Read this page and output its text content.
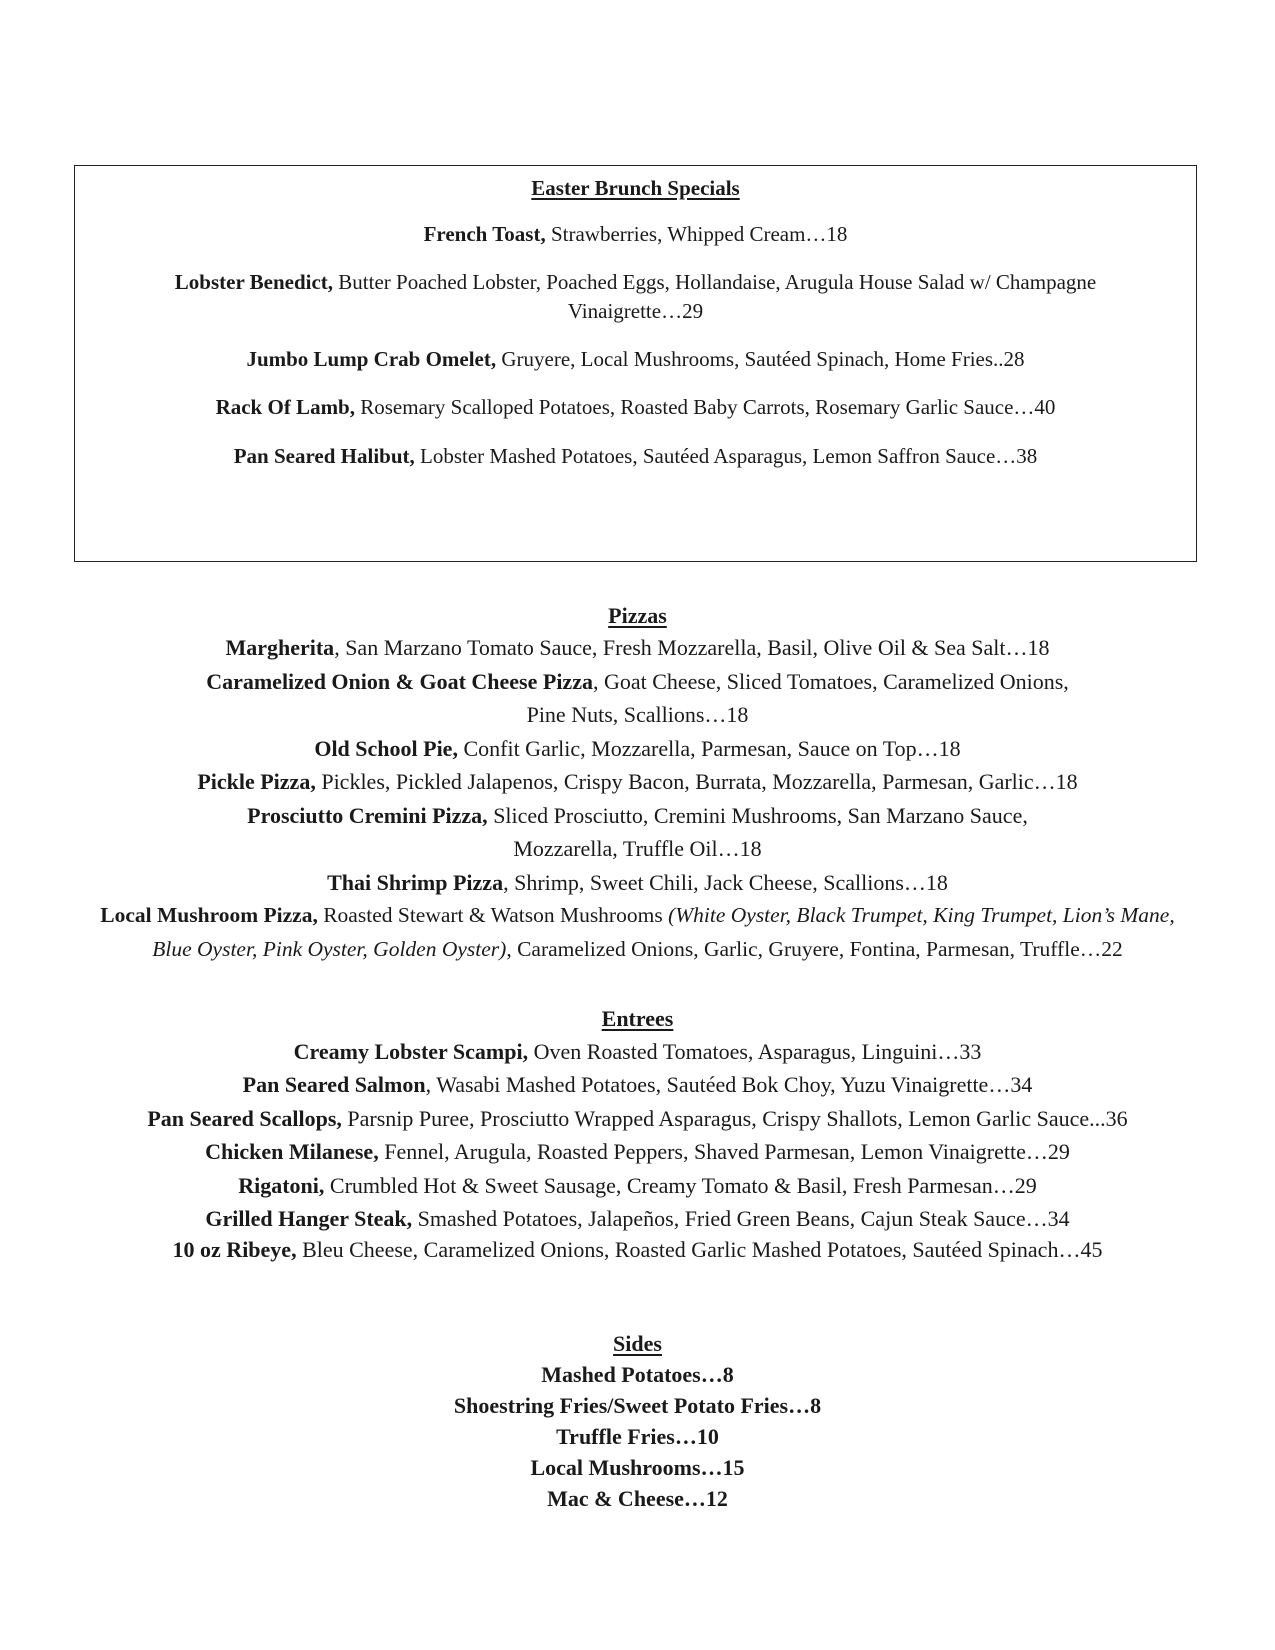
Easter Brunch Specials
French Toast, Strawberries, Whipped Cream…18
Lobster Benedict, Butter Poached Lobster, Poached Eggs, Hollandaise, Arugula House Salad w/ Champagne Vinaigrette…29
Jumbo Lump Crab Omelet, Gruyere, Local Mushrooms, Sautéed Spinach, Home Fries..28
Rack Of Lamb, Rosemary Scalloped Potatoes, Roasted Baby Carrots, Rosemary Garlic Sauce…40
Pan Seared Halibut, Lobster Mashed Potatoes, Sautéed Asparagus, Lemon Saffron Sauce…38
Pizzas
Margherita, San Marzano Tomato Sauce, Fresh Mozzarella, Basil, Olive Oil & Sea Salt…18
Caramelized Onion & Goat Cheese Pizza, Goat Cheese, Sliced Tomatoes, Caramelized Onions,
Pine Nuts, Scallions…18
Old School Pie, Confit Garlic, Mozzarella, Parmesan, Sauce on Top…18
Pickle Pizza, Pickles, Pickled Jalapenos, Crispy Bacon, Burrata, Mozzarella, Parmesan, Garlic…18
Prosciutto Cremini Pizza, Sliced Prosciutto, Cremini Mushrooms, San Marzano Sauce,
Mozzarella, Truffle Oil…18
Thai Shrimp Pizza, Shrimp, Sweet Chili, Jack Cheese, Scallions…18
Local Mushroom Pizza, Roasted Stewart & Watson Mushrooms (White Oyster, Black Trumpet, King Trumpet, Lion’s Mane,
Blue Oyster, Pink Oyster, Golden Oyster), Caramelized Onions, Garlic, Gruyere, Fontina, Parmesan, Truffle…22
Entrees
Creamy Lobster Scampi, Oven Roasted Tomatoes, Asparagus, Linguini…33
Pan Seared Salmon, Wasabi Mashed Potatoes, Sautéed Bok Choy, Yuzu Vinaigrette…34
Pan Seared Scallops, Parsnip Puree, Prosciutto Wrapped Asparagus, Crispy Shallots, Lemon Garlic Sauce...36
Chicken Milanese, Fennel, Arugula, Roasted Peppers, Shaved Parmesan, Lemon Vinaigrette…29
Rigatoni, Crumbled Hot & Sweet Sausage, Creamy Tomato & Basil, Fresh Parmesan…29
Grilled Hanger Steak, Smashed Potatoes, Jalapeños, Fried Green Beans, Cajun Steak Sauce…34
10 oz Ribeye, Bleu Cheese, Caramelized Onions, Roasted Garlic Mashed Potatoes, Sautéed Spinach…45
Sides
Mashed Potatoes…8
Shoestring Fries/Sweet Potato Fries…8
Truffle Fries…10
Local Mushrooms…15
Mac & Cheese…12
